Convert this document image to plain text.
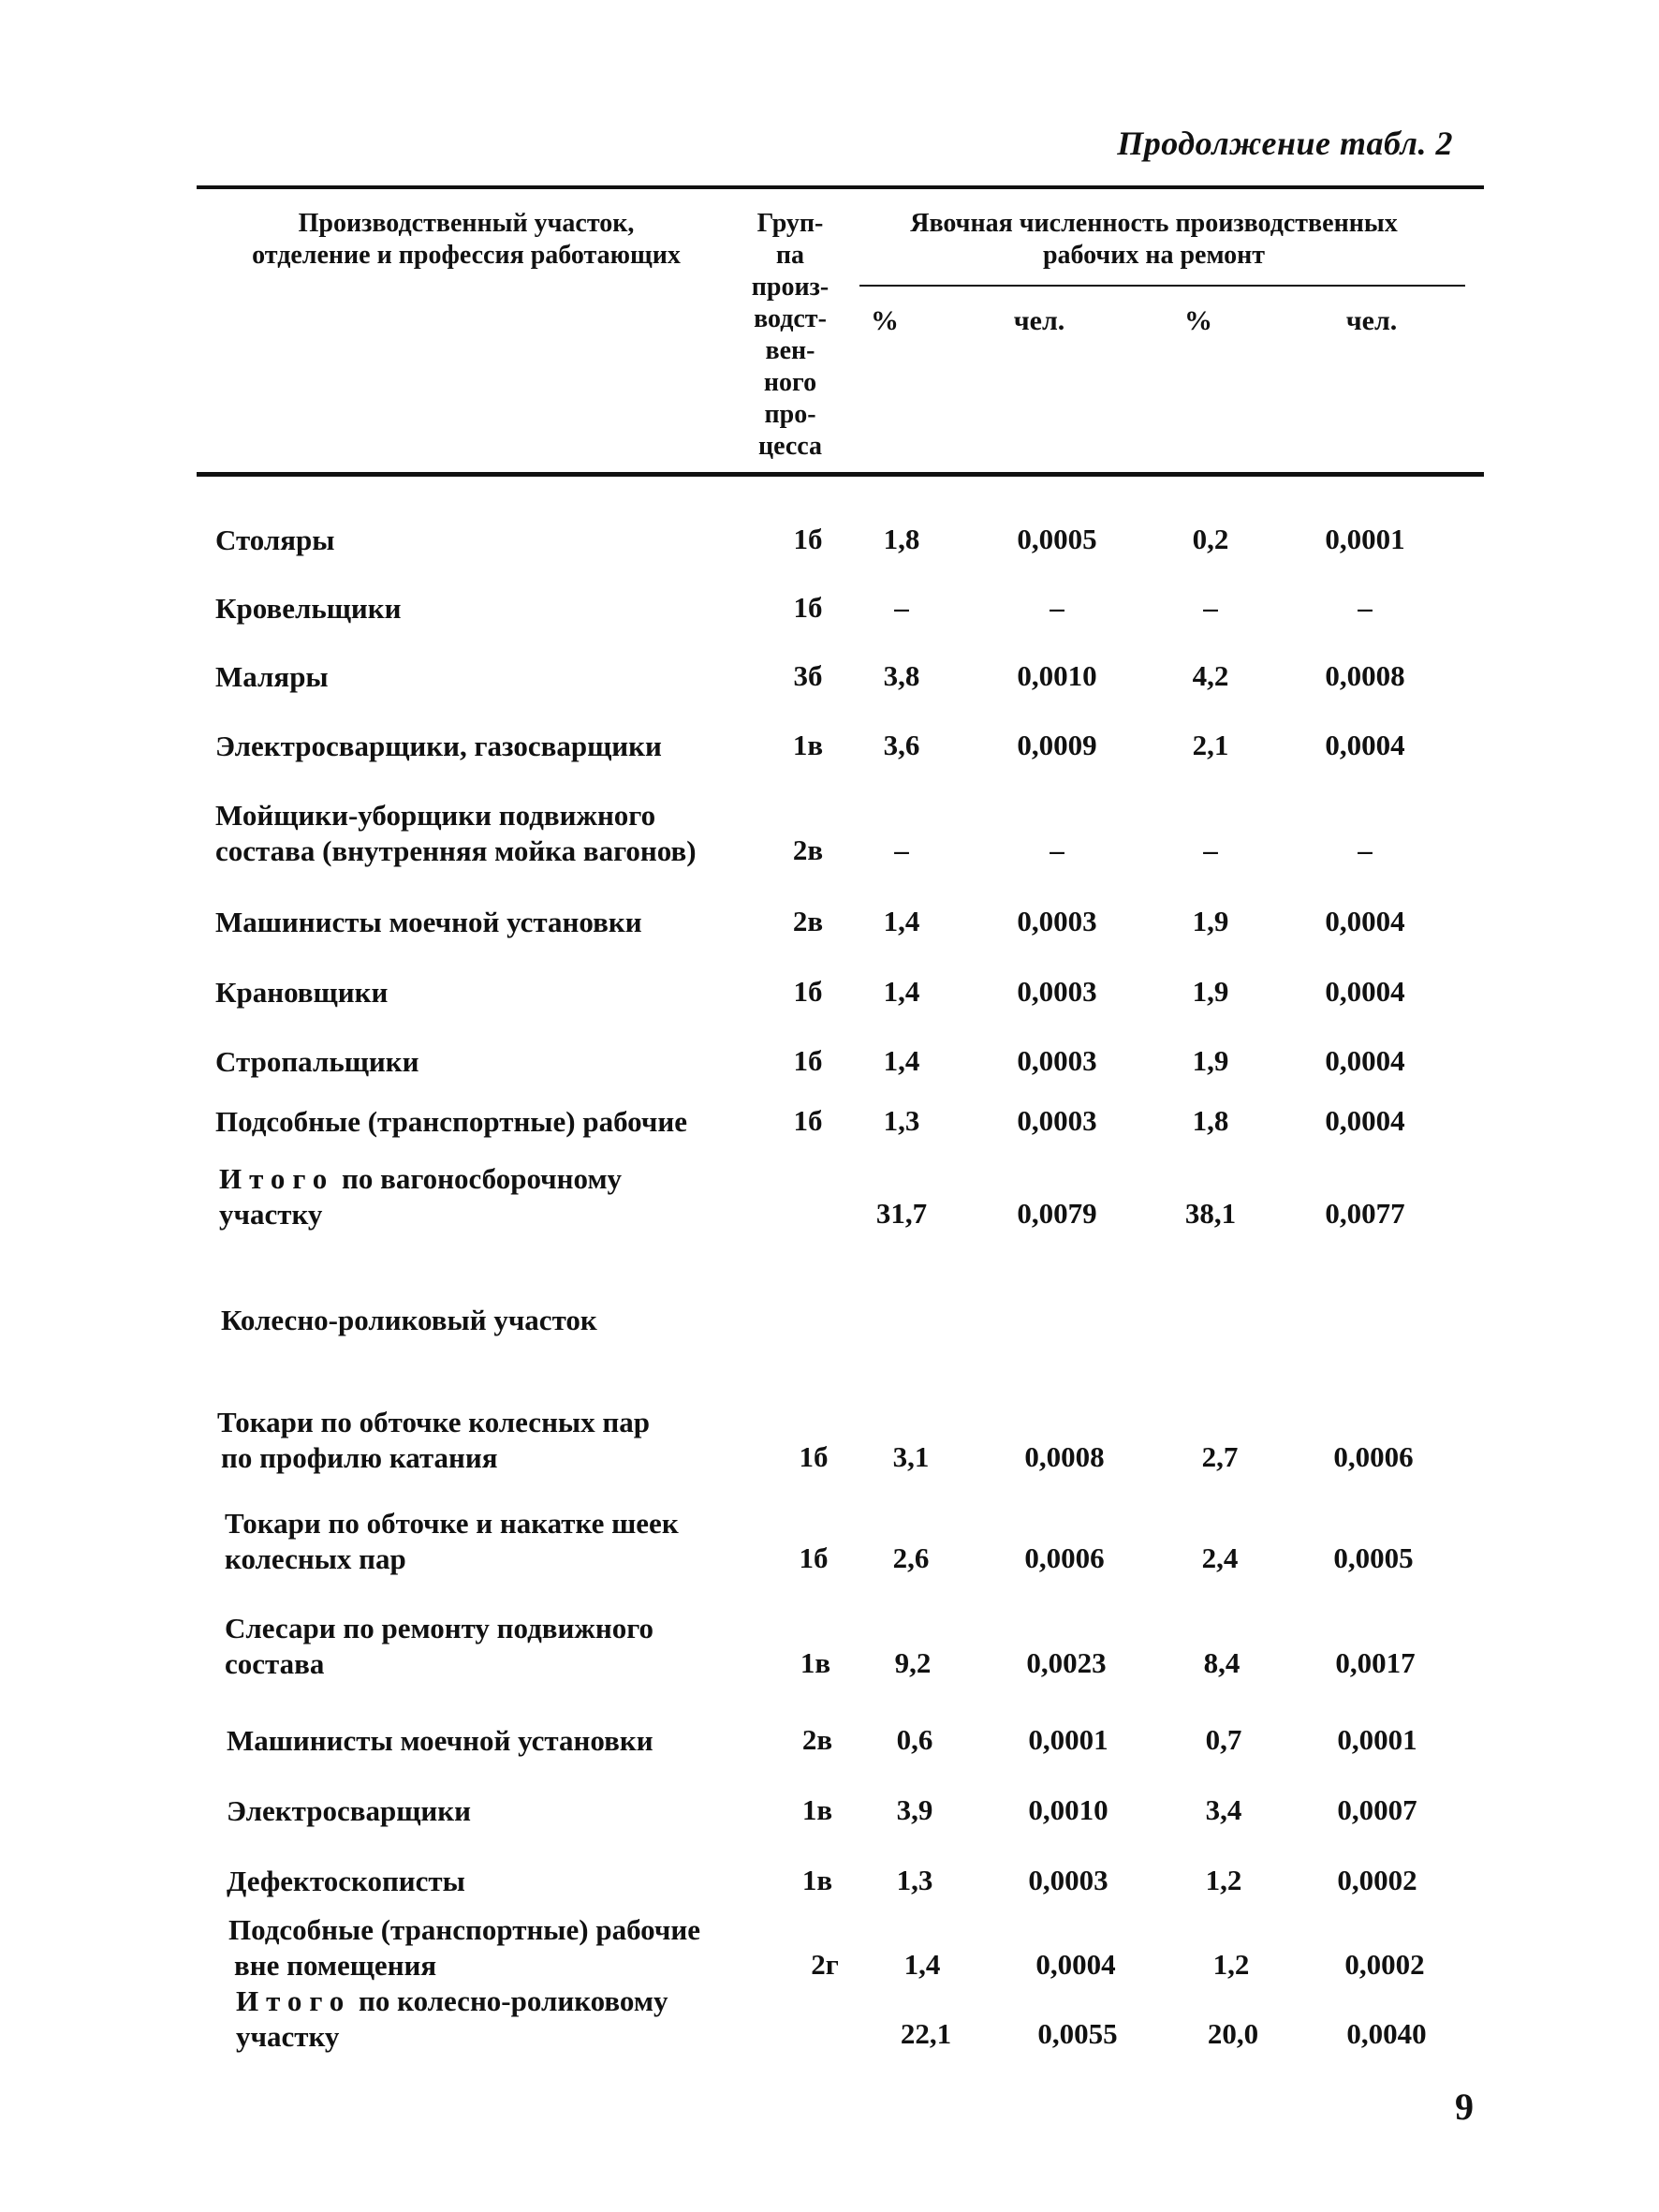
Продолжение табл. 2
Производственный участок,
отделение и профессия работающих
Груп-
па
произ-
водст-
вен-
ного
про-
цесса
Явочная численность производственных
рабочих на ремонт
%	чел.	%	чел.
Столяры	1б	1,8	0,0005	0,2	0,0001
Кровельщики	1б	–	–	–	–
Маляры	3б	3,8	0,0010	4,2	0,0008
Электросварщики, газосварщики	1в	3,6	0,0009	2,1	0,0004
Мойщики-уборщики подвижного
состава (внутренняя мойка вагонов)	2в	–	–	–	–
Машинисты моечной установки	2в	1,4	0,0003	1,9	0,0004
Крановщики	1б	1,4	0,0003	1,9	0,0004
Стропальщики	1б	1,4	0,0003	1,9	0,0004
Подсобные (транспортные) рабочие	1б	1,3	0,0003	1,8	0,0004
Итого по вагоносборочному
участку	31,7	0,0079	38,1	0,0077
Колесно-роликовый участок
Токари по обточке колесных пар
по профилю катания	1б	3,1	0,0008	2,7	0,0006
Токари по обточке и накатке шеек
колесных пар	1б	2,6	0,0006	2,4	0,0005
Слесари по ремонту подвижного
состава	1в	9,2	0,0023	8,4	0,0017
Машинисты моечной установки	2в	0,6	0,0001	0,7	0,0001
Электросварщики	1в	3,9	0,0010	3,4	0,0007
Дефектоскописты	1в	1,3	0,0003	1,2	0,0002
Подсобные (транспортные) рабочие
вне помещения	2г	1,4	0,0004	1,2	0,0002
Итого по колесно-роликовому
участку	22,1	0,0055	20,0	0,0040
9
